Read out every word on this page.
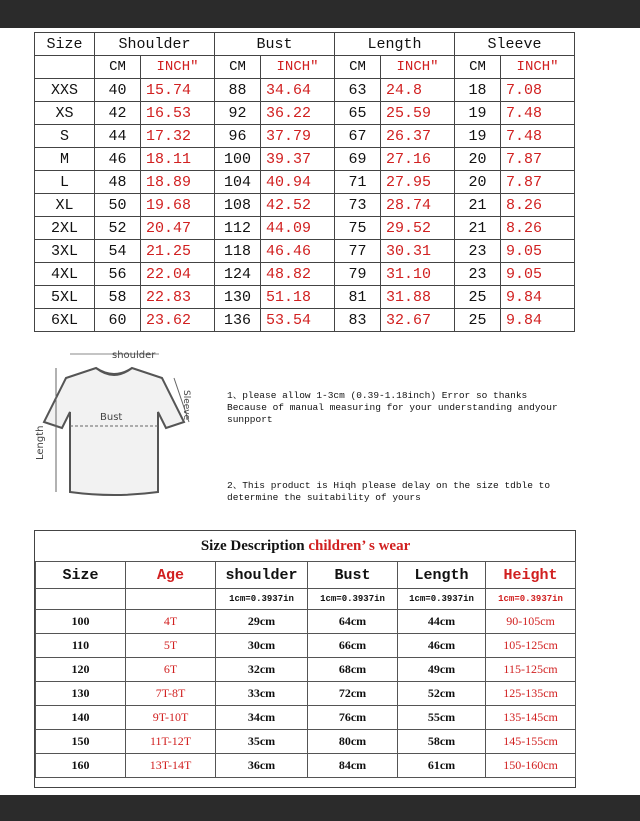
Size	Shoulder		Bust		Length		Sleeve	
	CM	INCH"	CM	INCH"	CM	INCH"	CM	INCH"
XXS	40	15.74	88	34.64	63	24.8	18	7.08
XS	42	16.53	92	36.22	65	25.59	19	7.48
S	44	17.32	96	37.79	67	26.37	19	7.48
M	46	18.11	100	39.37	69	27.16	20	7.87
L	48	18.89	104	40.94	71	27.95	20	7.87
XL	50	19.68	108	42.52	73	28.74	21	8.26
2XL	52	20.47	112	44.09	75	29.52	21	8.26
3XL	54	21.25	118	46.46	77	30.31	23	9.05
4XL	56	22.04	124	48.82	79	31.10	23	9.05
5XL	58	22.83	130	51.18	81	31.88	25	9.84
6XL	60	23.62	136	53.54	83	32.67	25	9.84
shoulder
Bust
Length
Sleeve	1、please allow 1-3cm (0.39-1.18inch) Error so thanks

Because of manual measuring for your understanding andyour

sunpport

2、This product is Hiqh please delay on the size tdble to

determine the suitability of yours

Size Description children’ s wear					
Size	Age	shoulder	Bust	Length	Height
		1cm=0.3937in	1cm=0.3937in	1cm=0.3937in	1cm=0.3937in
100	4T	29cm	64cm	44cm	90-105cm
110	5T	30cm	66cm	46cm	105-125cm
120	6T	32cm	68cm	49cm	115-125cm
130	7T-8T	33cm	72cm	52cm	125-135cm
140	9T-10T	34cm	76cm	55cm	135-145cm
150	11T-12T	35cm	80cm	58cm	145-155cm
160	13T-14T	36cm	84cm	61cm	150-160cm
